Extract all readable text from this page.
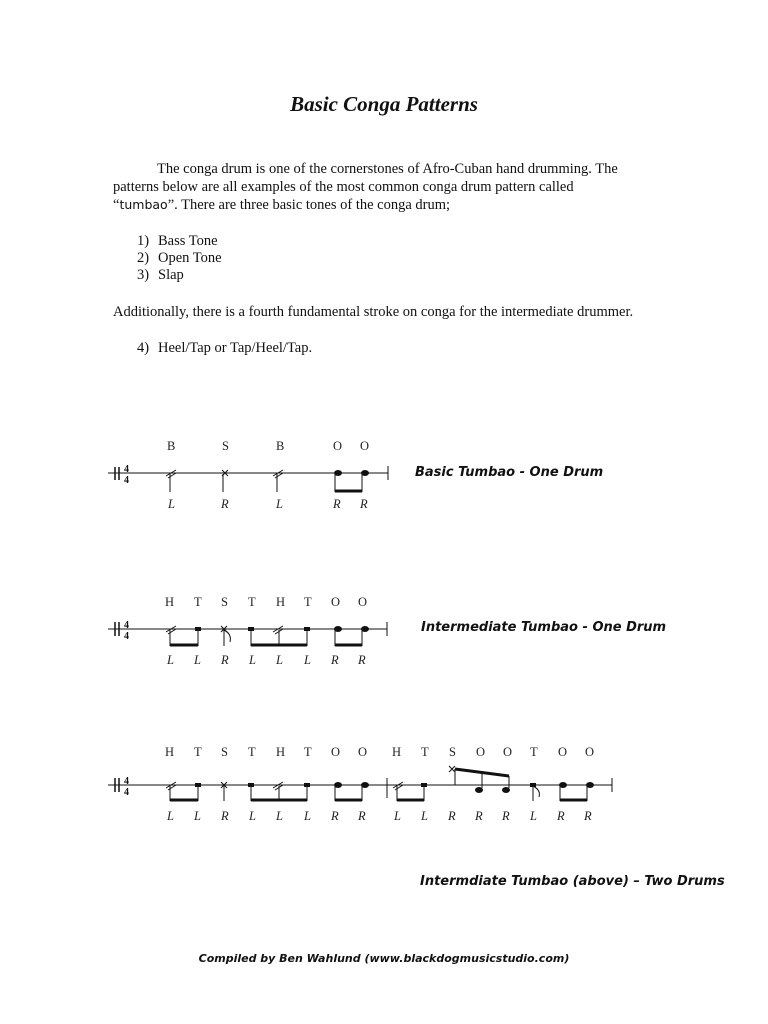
Basic Conga Patterns
The conga drum is one of the cornerstones of Afro-Cuban hand drumming. The
patterns below are all examples of the most common conga drum pattern called
“tumbao”. There are three basic tones of the conga drum;
1) Bass Tone
2) Open Tone
3) Slap
Additionally, there is a fourth fundamental stroke on conga for the intermediate drummer.
4) Heel/Tap or Tap/Heel/Tap.
4
4
B	S	B	O O
L	R	L	R R
4
4
H T S T H T O O
L L R L L L R R
4
4
H T S T H T O O H T S O O T O O
L L R L L L R R L L R R R L R R
Basic Tumbao - One Drum
Intermediate Tumbao - One Drum
Intermdiate Tumbao (above) – Two Drums
Compiled by Ben Wahlund (www.blackdogmusicstudio.com)
